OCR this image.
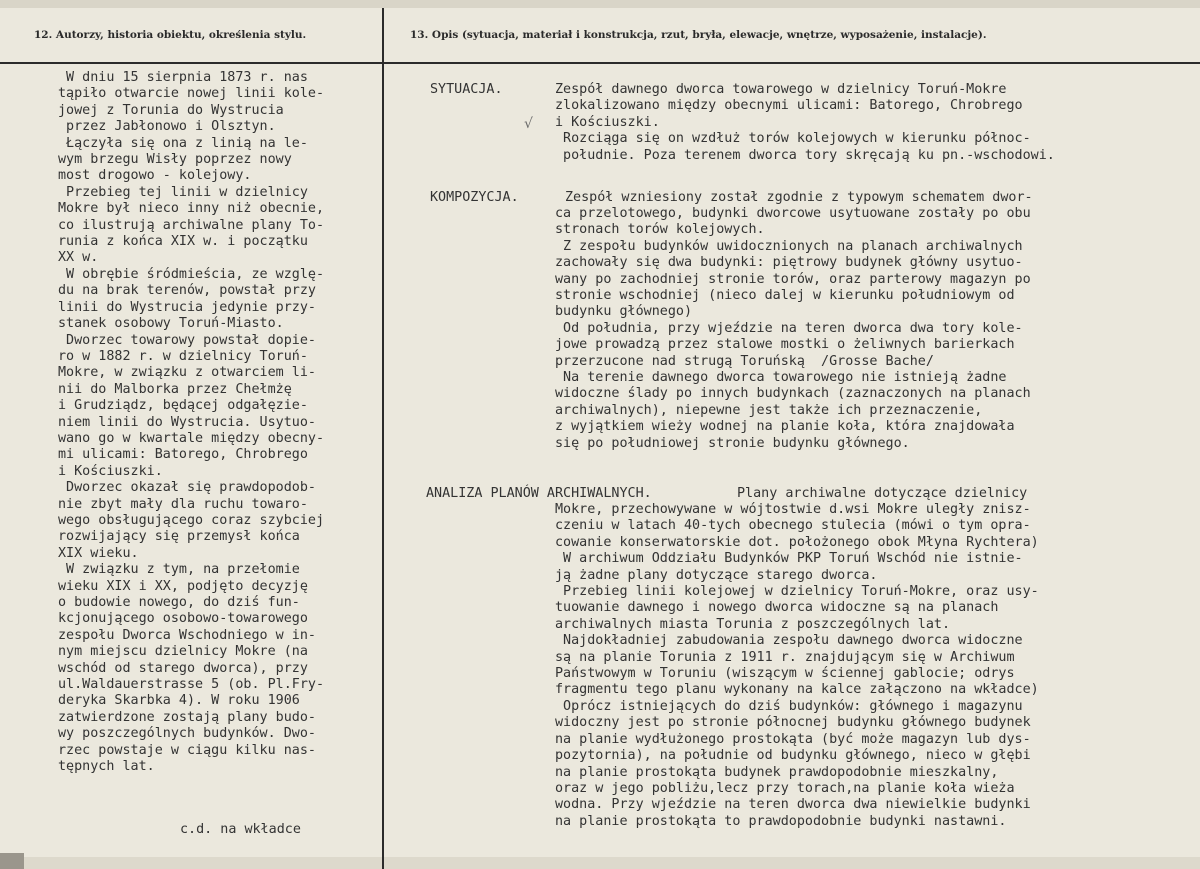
12. Autorzy, historia obiektu, określenia stylu.	13. Opis (sytuacja, materiał i konstrukcja, rzut, bryła, elewacje, wnętrze, wyposażenie, instalacje).
W dniu 15 sierpnia 1873 r. nas
tąpiło otwarcie nowej linii kole-
jowej z Torunia do Wystrucia
przez Jabłonowo i Olsztyn.
Łączyła się ona z linią na le-
wym brzegu Wisły poprzez nowy
most drogowo - kolejowy.
Przebieg tej linii w dzielnicy
Mokre był nieco inny niż obecnie,
co ilustrują archiwalne plany To-
runia z końca XIX w. i początku
XX w.
W obrębie śródmieścia, ze wzglę-
du na brak terenów, powstał przy
linii do Wystrucia jedynie przy-
stanek osobowy Toruń-Miasto.
Dworzec towarowy powstał dopie-
ro w 1882 r. w dzielnicy Toruń-
Mokre, w związku z otwarciem li-
nii do Malborka przez Chełmżę
i Grudziądz, będącej odgałęzie-
niem linii do Wystrucia. Usytuo-
wano go w kwartale między obecny-
mi ulicami: Batorego, Chrobrego
i Kościuszki.
Dworzec okazał się prawdopodob-
nie zbyt mały dla ruchu towaro-
wego obsługującego coraz szybciej
rozwijający się przemysł końca
XIX wieku.
W związku z tym, na przełomie
wieku XIX i XX, podjęto decyzję
o budowie nowego, do dziś fun-
kcjonującego osobowo-towarowego
zespołu Dworca Wschodniego w in-
nym miejscu dzielnicy Mokre (na
wschód od starego dworca), przy
ul.Waldauerstrasse 5 (ob. Pl.Fry-
deryka Skarbka 4). W roku 1906
zatwierdzone zostają plany budo-
wy poszczególnych budynków. Dwo-
rzec powstaje w ciągu kilku nas-
tępnych lat.
c.d. na wkładce
SYTUACJA.	Zespół dawnego dworca towarowego w dzielnicy Toruń-Mokre
zlokalizowano między obecnymi ulicami: Batorego, Chrobrego
i Kościuszki.
Rozciąga się on wzdłuż torów kolejowych w kierunku północ-
południe. Poza terenem dworca tory skręcają ku pn.-wschodowi.
√
KOMPOZYCJA.	Zespół wzniesiony został zgodnie z typowym schematem dwor-
ca przelotowego, budynki dworcowe usytuowane zostały po obu
stronach torów kolejowych.
Z zespołu budynków uwidocznionych na planach archiwalnych
zachowały się dwa budynki: piętrowy budynek główny usytuo-
wany po zachodniej stronie torów, oraz parterowy magazyn po
stronie wschodniej (nieco dalej w kierunku południowym od
budynku głównego)
Od południa, przy wjeździe na teren dworca dwa tory kole-
jowe prowadzą przez stalowe mostki o żeliwnych barierkach
przerzucone nad strugą Toruńską  /Grosse Bache/
Na terenie dawnego dworca towarowego nie istnieją żadne
widoczne ślady po innych budynkach (zaznaczonych na planach
archiwalnych), niepewne jest także ich przeznaczenie,
z wyjątkiem wieży wodnej na planie koła, która znajdowała
się po południowej stronie budynku głównego.
ANALIZA PLANÓW ARCHIWALNYCH.	Plany archiwalne dotyczące dzielnicy
Mokre, przechowywane w wójtostwie d.wsi Mokre uległy znisz-
czeniu w latach 40-tych obecnego stulecia (mówi o tym opra-
cowanie konserwatorskie dot. położonego obok Młyna Rychtera)
W archiwum Oddziału Budynków PKP Toruń Wschód nie istnie-
ją żadne plany dotyczące starego dworca.
Przebieg linii kolejowej w dzielnicy Toruń-Mokre, oraz usy-
tuowanie dawnego i nowego dworca widoczne są na planach
archiwalnych miasta Torunia z poszczególnych lat.
Najdokładniej zabudowania zespołu dawnego dworca widoczne
są na planie Torunia z 1911 r. znajdującym się w Archiwum
Państwowym w Toruniu (wiszącym w ściennej gablocie; odrys
fragmentu tego planu wykonany na kalce załączono na wkładce)
Oprócz istniejących do dziś budynków: głównego i magazynu
widoczny jest po stronie północnej budynku głównego budynek
na planie wydłużonego prostokąta (być może magazyn lub dys-
pozytornia), na południe od budynku głównego, nieco w głębi
na planie prostokąta budynek prawdopodobnie mieszkalny,
oraz w jego pobliżu,lecz przy torach,na planie koła wieża
wodna. Przy wjeździe na teren dworca dwa niewielkie budynki
na planie prostokąta to prawdopodobnie budynki nastawni.
